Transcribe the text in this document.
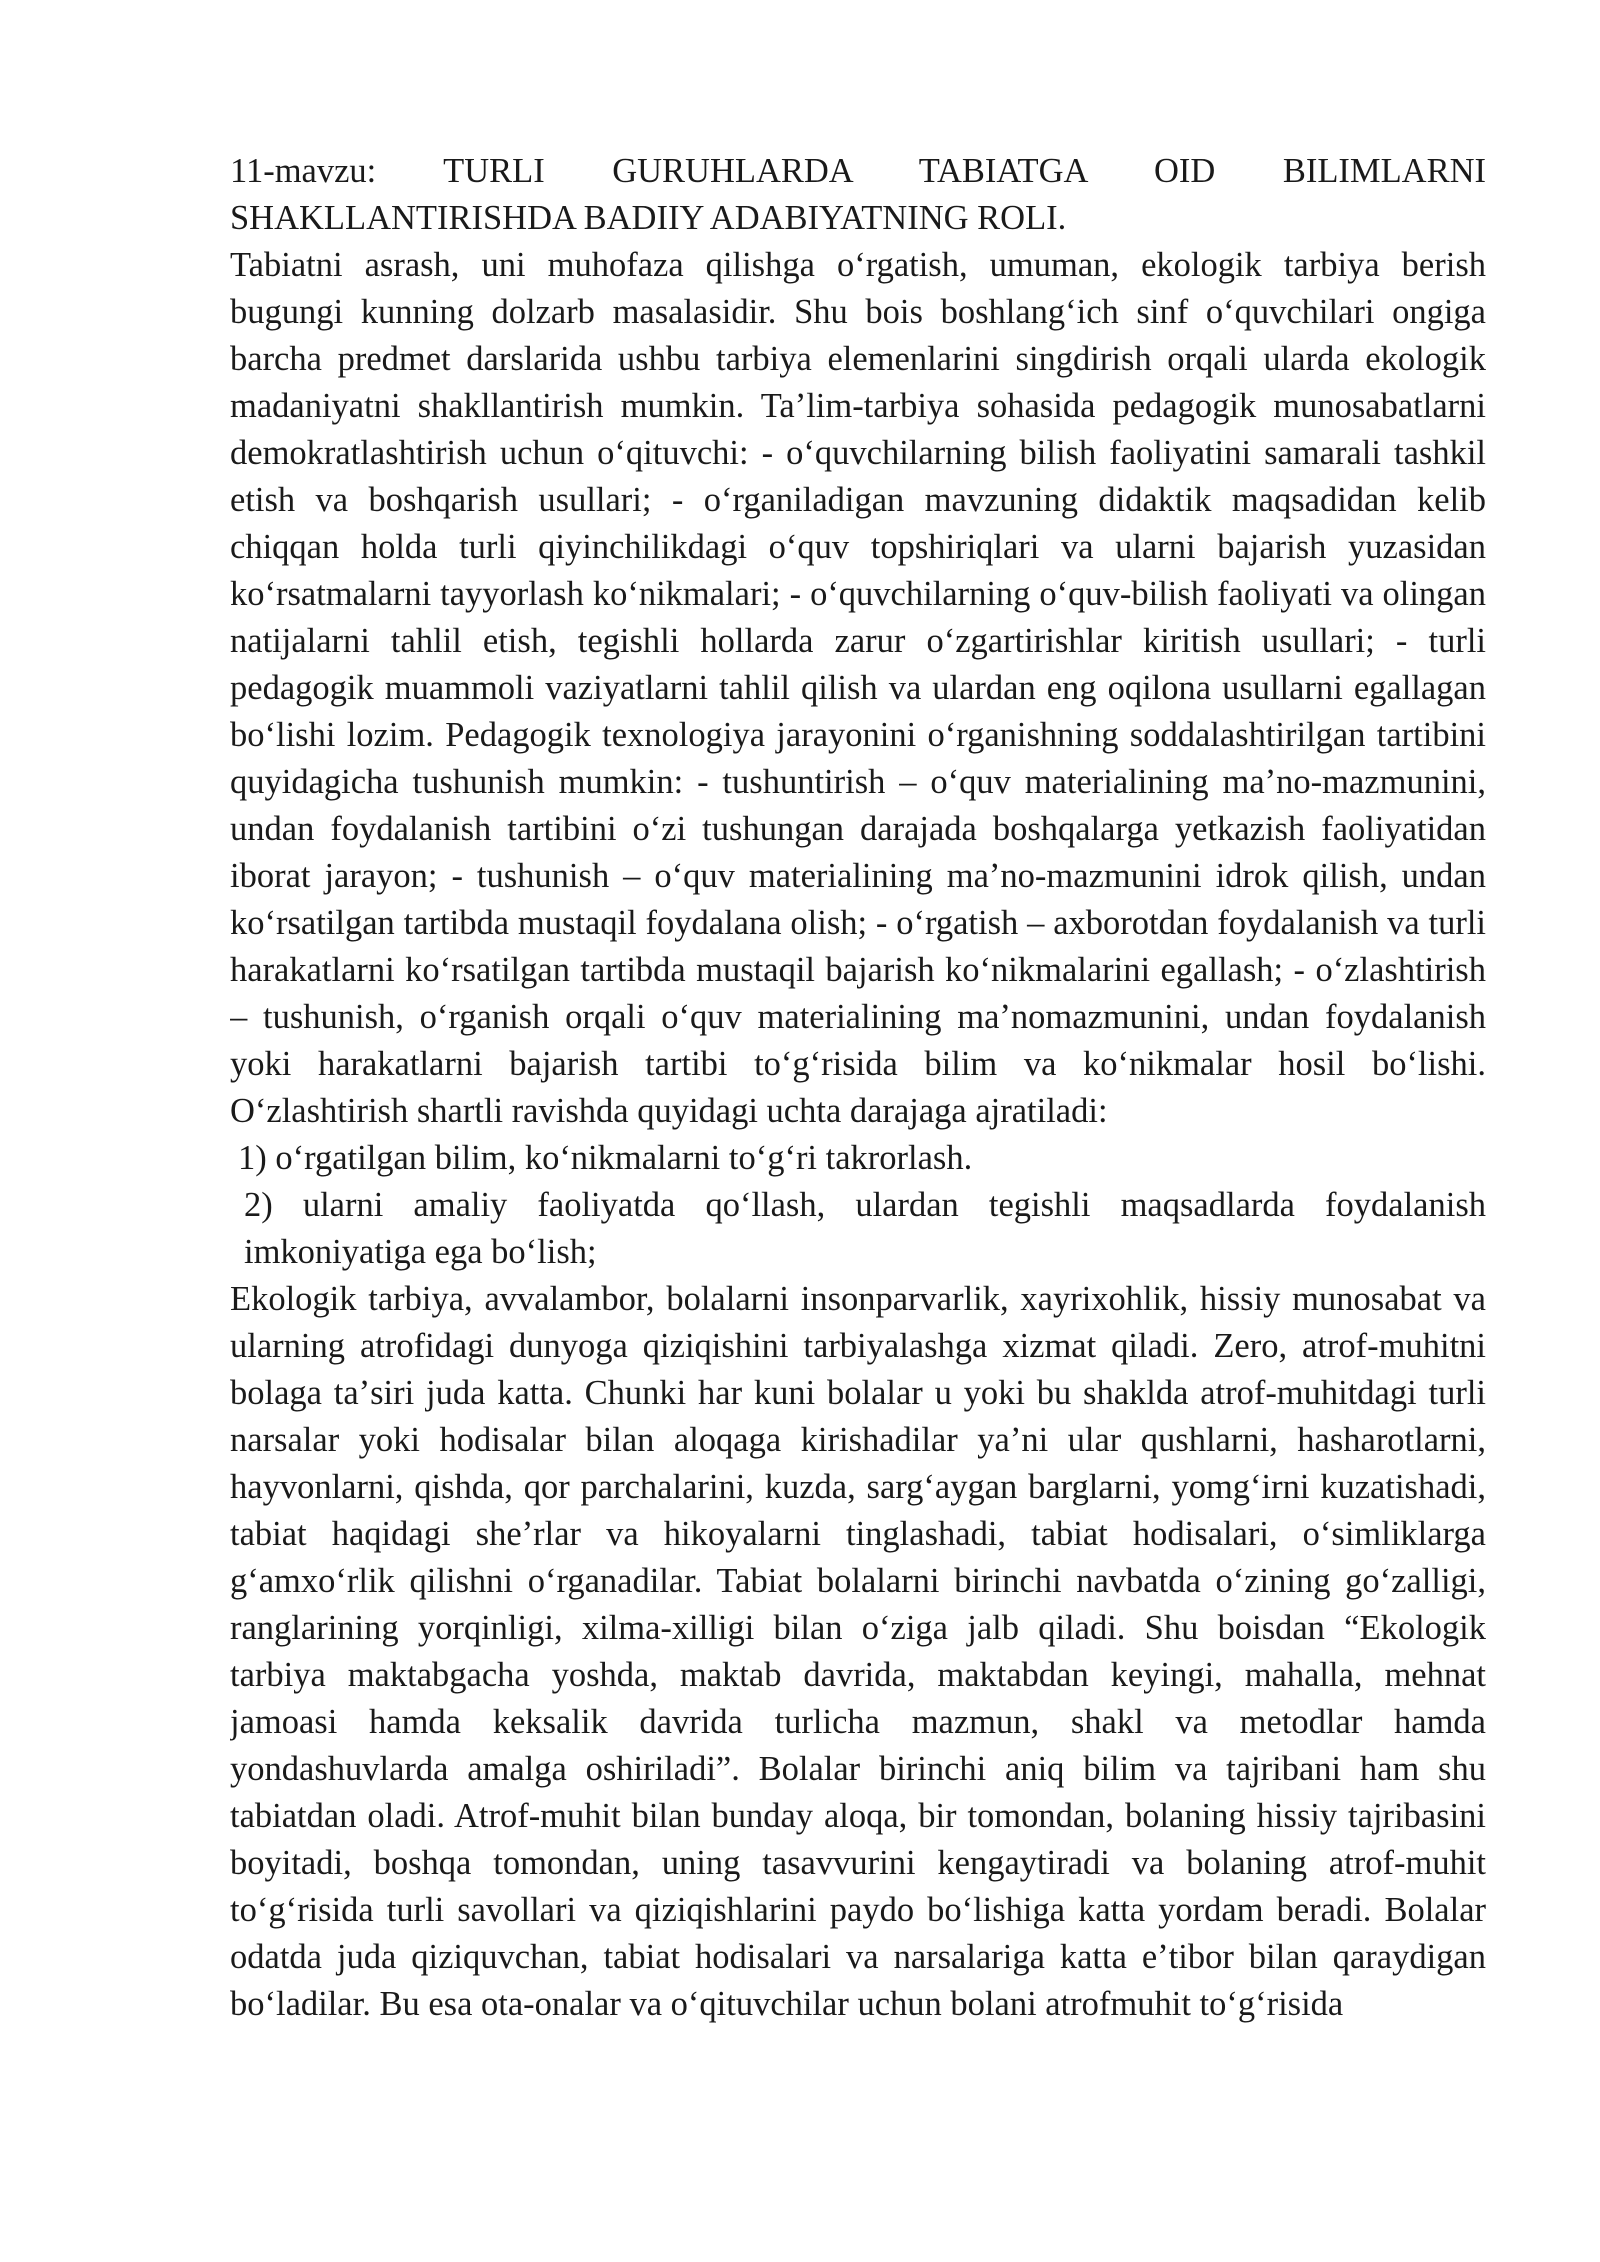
11-mavzu: TURLI GURUHLARDA TABIATGA OID BILIMLARNI SHAKLLANTIRISHDA BADIIY ADABIYATNING ROLI.

Tabiatni asrash, uni muhofaza qilishga oʻrgatish, umuman, ekologik tarbiya berish bugungi kunning dolzarb masalasidir. Shu bois boshlangʻich sinf oʻquvchilari ongiga barcha predmet darslarida ushbu tarbiya elemenlarini singdirish orqali ularda ekologik madaniyatni shakllantirish mumkin. Taʼlim-tarbiya sohasida pedagogik munosabatlarni demokratlashtirish uchun oʻqituvchi: - oʻquvchilarning bilish faoliyatini samarali tashkil etish va boshqarish usullari; - oʻrganiladigan mavzuning didaktik maqsadidan kelib chiqqan holda turli qiyinchilikdagi oʻquv topshiriqlari va ularni bajarish yuzasidan koʻrsatmalarni tayyorlash koʻnikmalari; - oʻquvchilarning oʻquv-bilish faoliyati va olingan natijalarni tahlil etish, tegishli hollarda zarur oʻzgartirishlar kiritish usullari; - turli pedagogik muammoli vaziyatlarni tahlil qilish va ulardan eng oqilona usullarni egallagan boʻlishi lozim. Pedagogik texnologiya jarayonini oʻrganishning soddalashtirilgan tartibini quyidagicha tushunish mumkin: - tushuntirish – oʻquv materialining maʼno-mazmunini, undan foydalanish tartibini oʻzi tushungan darajada boshqalarga yetkazish faoliyatidan iborat jarayon; - tushunish – oʻquv materialining maʼno-mazmunini idrok qilish, undan koʻrsatilgan tartibda mustaqil foydalana olish; - oʻrgatish – axborotdan foydalanish va turli harakatlarni koʻrsatilgan tartibda mustaqil bajarish koʻnikmalarini egallash; - oʻzlashtirish – tushunish, oʻrganish orqali oʻquv materialining maʼnomazmunini, undan foydalanish yoki harakatlarni bajarish tartibi toʻgʻrisida bilim va koʻnikmalar hosil boʻlishi. Oʻzlashtirish shartli ravishda quyidagi uchta darajaga ajratiladi:

1) oʻrgatilgan bilim, koʻnikmalarni toʻgʻri takrorlash.

2) ularni amaliy faoliyatda qoʻllash, ulardan tegishli maqsadlarda foydalanish imkoniyatiga ega boʻlish;

Ekologik tarbiya, avvalambor, bolalarni insonparvarlik, xayrixohlik, hissiy munosabat va ularning atrofidagi dunyoga qiziqishini tarbiyalashga xizmat qiladi. Zero, atrof-muhitni bolaga taʼsiri juda katta. Chunki har kuni bolalar u yoki bu shaklda atrof-muhitdagi turli narsalar yoki hodisalar bilan aloqaga kirishadilar yaʼni ular qushlarni, hasharotlarni, hayvonlarni, qishda, qor parchalarini, kuzda, sargʻaygan barglarni, yomgʻirni kuzatishadi, tabiat haqidagi sheʼrlar va hikoyalarni tinglashadi, tabiat hodisalari, oʻsimliklarga gʻamxoʻrlik qilishni oʻrganadilar. Tabiat bolalarni birinchi navbatda oʻzining goʻzalligi, ranglarining yorqinligi, xilma-xilligi bilan oʻziga jalb qiladi. Shu boisdan “Ekologik tarbiya maktabgacha yoshda, maktab davrida, maktabdan keyingi, mahalla, mehnat jamoasi hamda keksalik davrida turlicha mazmun, shakl va metodlar hamda yondashuvlarda amalga oshiriladi”. Bolalar birinchi aniq bilim va tajribani ham shu tabiatdan oladi. Atrof-muhit bilan bunday aloqa, bir tomondan, bolaning hissiy tajribasini boyitadi, boshqa tomondan, uning tasavvurini kengaytiradi va bolaning atrof-muhit toʻgʻrisida turli savollari va qiziqishlarini paydo boʻlishiga katta yordam beradi. Bolalar odatda juda qiziquvchan, tabiat hodisalari va narsalariga katta eʼtibor bilan qaraydigan boʻladilar. Bu esa ota-onalar va oʻqituvchilar uchun bolani atrofmuhit toʻgʻrisida
